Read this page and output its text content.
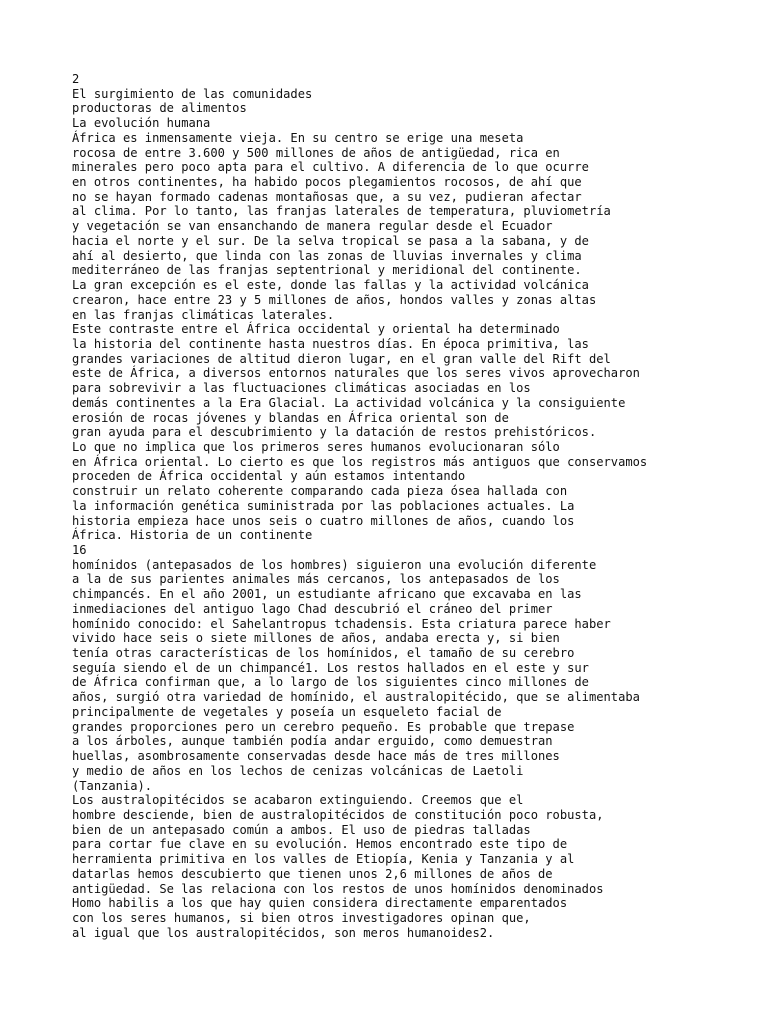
2
El surgimiento de las comunidades
productoras de alimentos
La evolución humana
África es inmensamente vieja. En su centro se erige una meseta
rocosa de entre 3.600 y 500 millones de años de antigüedad, rica en
minerales pero poco apta para el cultivo. A diferencia de lo que ocurre
en otros continentes, ha habido pocos plegamientos rocosos, de ahí que
no se hayan formado cadenas montañosas que, a su vez, pudieran afectar
al clima. Por lo tanto, las franjas laterales de temperatura, pluviometría
y vegetación se van ensanchando de manera regular desde el Ecuador
hacia el norte y el sur. De la selva tropical se pasa a la sabana, y de
ahí al desierto, que linda con las zonas de lluvias invernales y clima
mediterráneo de las franjas septentrional y meridional del continente.
La gran excepción es el este, donde las fallas y la actividad volcánica
crearon, hace entre 23 y 5 millones de años, hondos valles y zonas altas
en las franjas climáticas laterales.
Este contraste entre el África occidental y oriental ha determinado
la historia del continente hasta nuestros días. En época primitiva, las
grandes variaciones de altitud dieron lugar, en el gran valle del Rift del
este de África, a diversos entornos naturales que los seres vivos aprovecharon
para sobrevivir a las fluctuaciones climáticas asociadas en los
demás continentes a la Era Glacial. La actividad volcánica y la consiguiente
erosión de rocas jóvenes y blandas en África oriental son de
gran ayuda para el descubrimiento y la datación de restos prehistóricos.
Lo que no implica que los primeros seres humanos evolucionaran sólo
en África oriental. Lo cierto es que los registros más antiguos que conservamos
proceden de África occidental y aún estamos intentando
construir un relato coherente comparando cada pieza ósea hallada con
la información genética suministrada por las poblaciones actuales. La
historia empieza hace unos seis o cuatro millones de años, cuando los
África. Historia de un continente
16
homínidos (antepasados de los hombres) siguieron una evolución diferente
a la de sus parientes animales más cercanos, los antepasados de los
chimpancés. En el año 2001, un estudiante africano que excavaba en las
inmediaciones del antiguo lago Chad descubrió el cráneo del primer
homínido conocido: el Sahelantropus tchadensis. Esta criatura parece haber
vivido hace seis o siete millones de años, andaba erecta y, si bien
tenía otras características de los homínidos, el tamaño de su cerebro
seguía siendo el de un chimpancé1. Los restos hallados en el este y sur
de África confirman que, a lo largo de los siguientes cinco millones de
años, surgió otra variedad de homínido, el australopitécido, que se alimentaba
principalmente de vegetales y poseía un esqueleto facial de
grandes proporciones pero un cerebro pequeño. Es probable que trepase
a los árboles, aunque también podía andar erguido, como demuestran
huellas, asombrosamente conservadas desde hace más de tres millones
y medio de años en los lechos de cenizas volcánicas de Laetoli
(Tanzania).
Los australopitécidos se acabaron extinguiendo. Creemos que el
hombre desciende, bien de australopitécidos de constitución poco robusta,
bien de un antepasado común a ambos. El uso de piedras talladas
para cortar fue clave en su evolución. Hemos encontrado este tipo de
herramienta primitiva en los valles de Etiopía, Kenia y Tanzania y al
datarlas hemos descubierto que tienen unos 2,6 millones de años de
antigüedad. Se las relaciona con los restos de unos homínidos denominados
Homo habilis a los que hay quien considera directamente emparentados
con los seres humanos, si bien otros investigadores opinan que,
al igual que los australopitécidos, son meros humanoides2.
